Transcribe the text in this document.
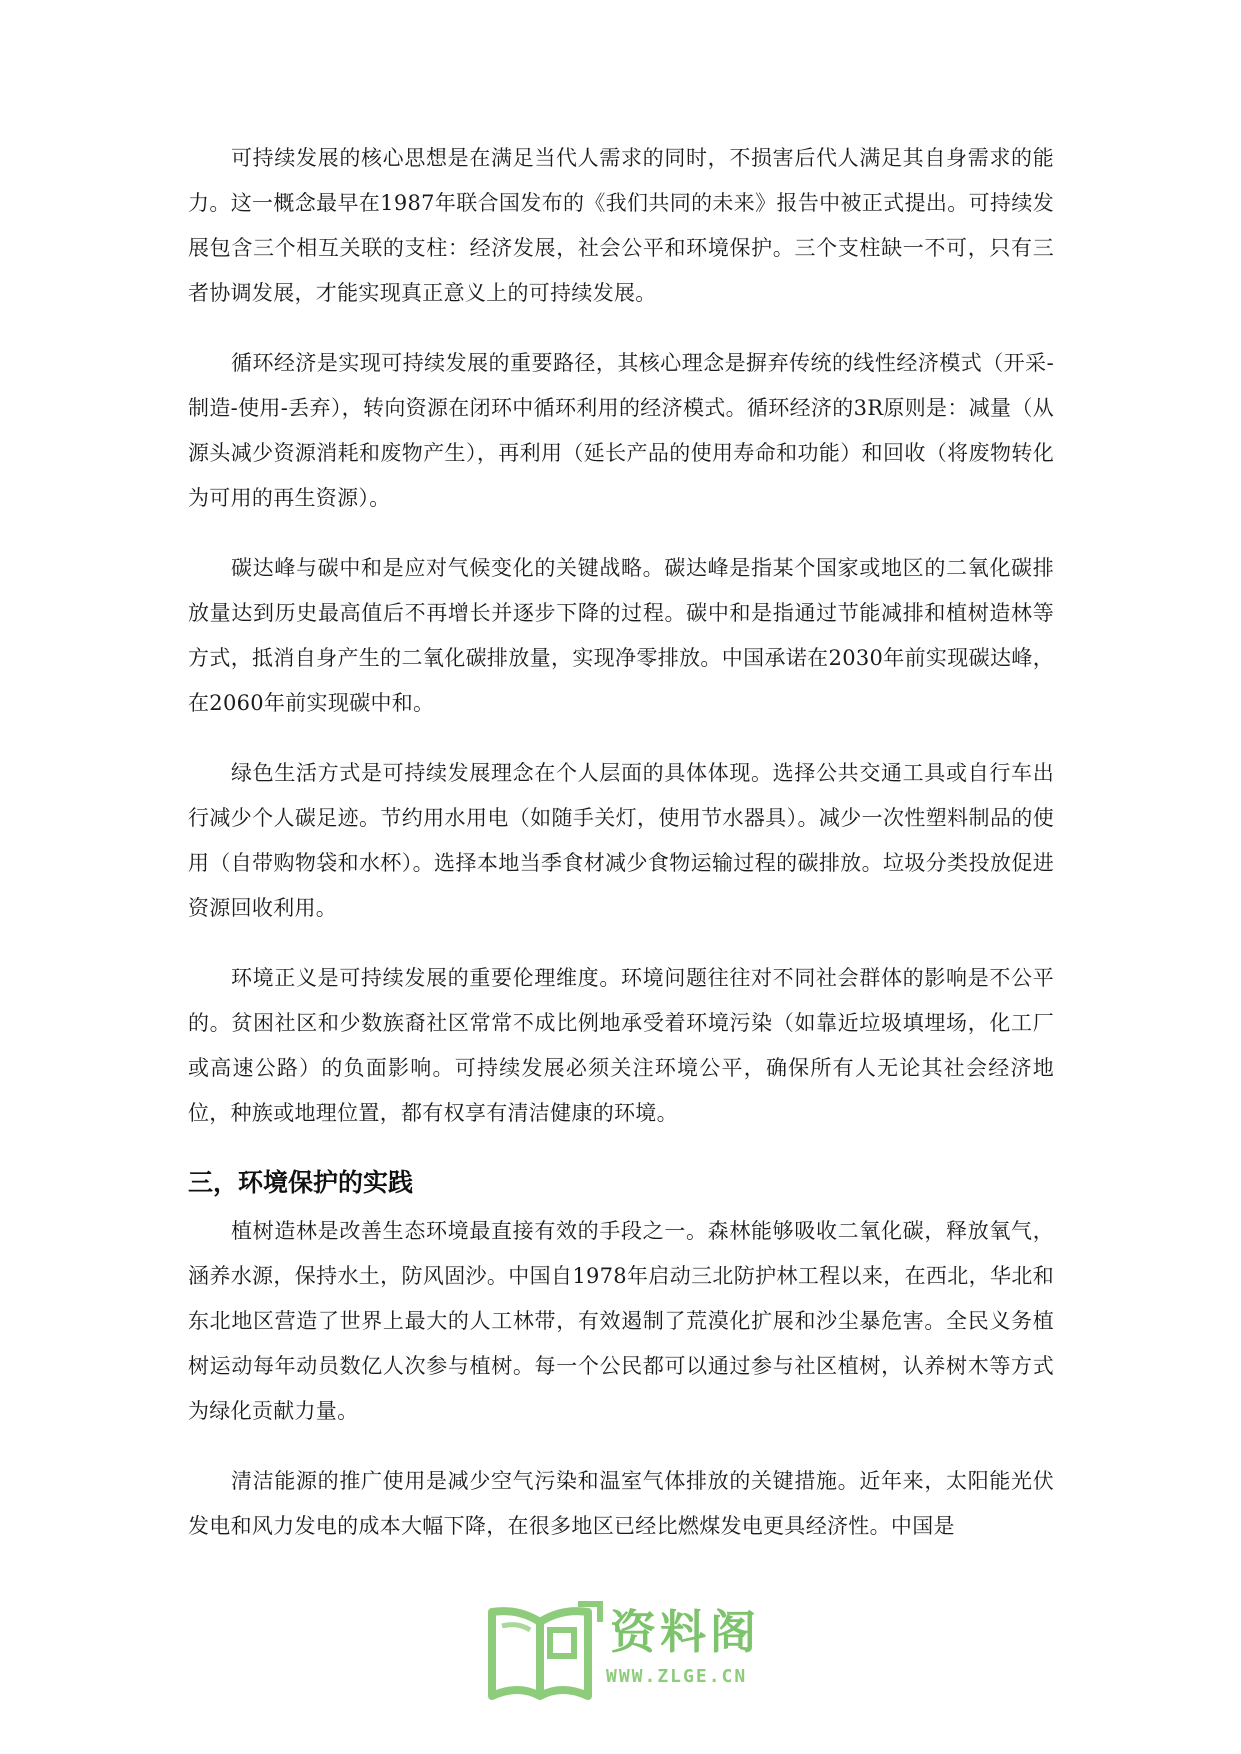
可持续发展的核心思想是在满足当代人需求的同时，不损害后代人满足其自身需求的能力。这一概念最早在1987年联合国发布的《我们共同的未来》报告中被正式提出。可持续发展包含三个相互关联的支柱：经济发展，社会公平和环境保护。三个支柱缺一不可，只有三者协调发展，才能实现真正意义上的可持续发展。

循环经济是实现可持续发展的重要路径，其核心理念是摒弃传统的线性经济模式（开采-制造-使用-丢弃），转向资源在闭环中循环利用的经济模式。循环经济的3R原则是：减量（从源头减少资源消耗和废物产生），再利用（延长产品的使用寿命和功能）和回收（将废物转化为可用的再生资源）。

碳达峰与碳中和是应对气候变化的关键战略。碳达峰是指某个国家或地区的二氧化碳排放量达到历史最高值后不再增长并逐步下降的过程。碳中和是指通过节能减排和植树造林等方式，抵消自身产生的二氧化碳排放量，实现净零排放。中国承诺在2030年前实现碳达峰，在2060年前实现碳中和。

绿色生活方式是可持续发展理念在个人层面的具体体现。选择公共交通工具或自行车出行减少个人碳足迹。节约用水用电（如随手关灯，使用节水器具）。减少一次性塑料制品的使用（自带购物袋和水杯）。选择本地当季食材减少食物运输过程的碳排放。垃圾分类投放促进资源回收利用。

环境正义是可持续发展的重要伦理维度。环境问题往往对不同社会群体的影响是不公平的。贫困社区和少数族裔社区常常不成比例地承受着环境污染（如靠近垃圾填埋场，化工厂或高速公路）的负面影响。可持续发展必须关注环境公平，确保所有人无论其社会经济地位，种族或地理位置，都有权享有清洁健康的环境。

三，环境保护的实践

植树造林是改善生态环境最直接有效的手段之一。森林能够吸收二氧化碳，释放氧气，涵养水源，保持水土，防风固沙。中国自1978年启动三北防护林工程以来，在西北，华北和东北地区营造了世界上最大的人工林带，有效遏制了荒漠化扩展和沙尘暴危害。全民义务植树运动每年动员数亿人次参与植树。每一个公民都可以通过参与社区植树，认养树木等方式为绿化贡献力量。

清洁能源的推广使用是减少空气污染和温室气体排放的关键措施。近年来，太阳能光伏发电和风力发电的成本大幅下降，在很多地区已经比燃煤发电更具经济性。中国是

资料阁
WWW.ZLGE.CN
